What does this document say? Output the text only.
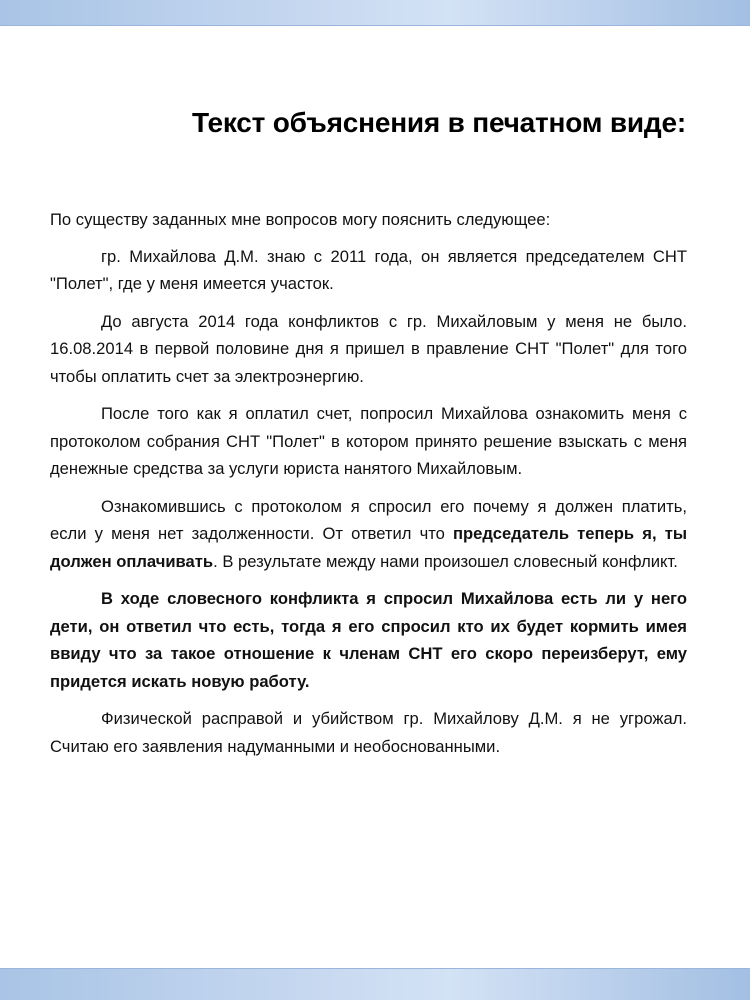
Текст объяснения в печатном виде:

По существу заданных мне вопросов могу пояснить следующее:

гр. Михайлова Д.М. знаю с 2011 года, он является председателем СНТ "Полет", где у меня имеется участок.

До августа 2014 года конфликтов с гр. Михайловым у меня не было. 16.08.2014 в первой половине дня я пришел в правление СНТ "Полет" для того чтобы оплатить счет за электроэнергию.

После того как я оплатил счет, попросил Михайлова ознакомить меня с протоколом собрания СНТ "Полет" в котором принято решение взыскать с меня денежные средства за услуги юриста нанятого Михайловым.

Ознакомившись с протоколом я спросил его почему я должен платить, если у меня нет задолженности. От ответил что председатель теперь я, ты должен оплачивать. В результате между нами произошел словесный конфликт.

В ходе словесного конфликта я спросил Михайлова есть ли у него дети, он ответил что есть, тогда я его спросил кто их будет кормить имея ввиду что за такое отношение к членам СНТ его скоро переизберут, ему придется искать новую работу.

Физической расправой и убийством гр. Михайлову Д.М. я не угрожал. Считаю его заявления надуманными и необоснованными.
